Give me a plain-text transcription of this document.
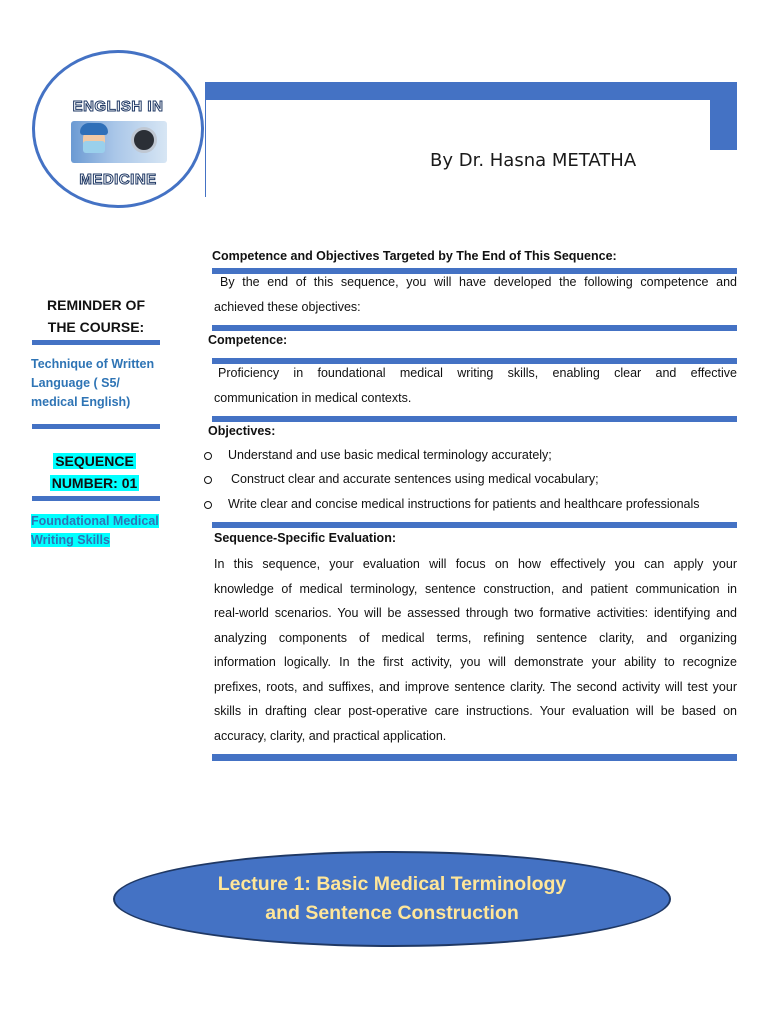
ENGLISH IN
MEDICINE
By Dr. Hasna METATHA
REMINDER OF
THE COURSE:
Technique of Written
Language ( S5/
medical English)
SEQUENCE
NUMBER: 01
Foundational Medical
Writing Skills
Competence and Objectives Targeted by The End of This Sequence:
By the end of this sequence, you will have developed the following competence and
achieved these objectives:
Competence:
Proficiency in foundational medical writing skills, enabling clear and effective
communication in medical contexts.
Objectives:
Understand and use basic medical terminology accurately;
Construct clear and accurate sentences using medical vocabulary;
Write clear and concise medical instructions for patients and healthcare professionals
Sequence-Specific Evaluation:
In this sequence, your evaluation will focus on how effectively you can apply your
knowledge of medical terminology, sentence construction, and patient communication in
real-world scenarios. You will be assessed through two formative activities: identifying and
analyzing components of medical terms, refining sentence clarity, and organizing
information logically. In the first activity, you will demonstrate your ability to recognize
prefixes, roots, and suffixes, and improve sentence clarity. The second activity will test your
skills in drafting clear post-operative care instructions. Your evaluation will be based on
accuracy, clarity, and practical application.
Lecture 1: Basic Medical Terminology
and Sentence Construction
